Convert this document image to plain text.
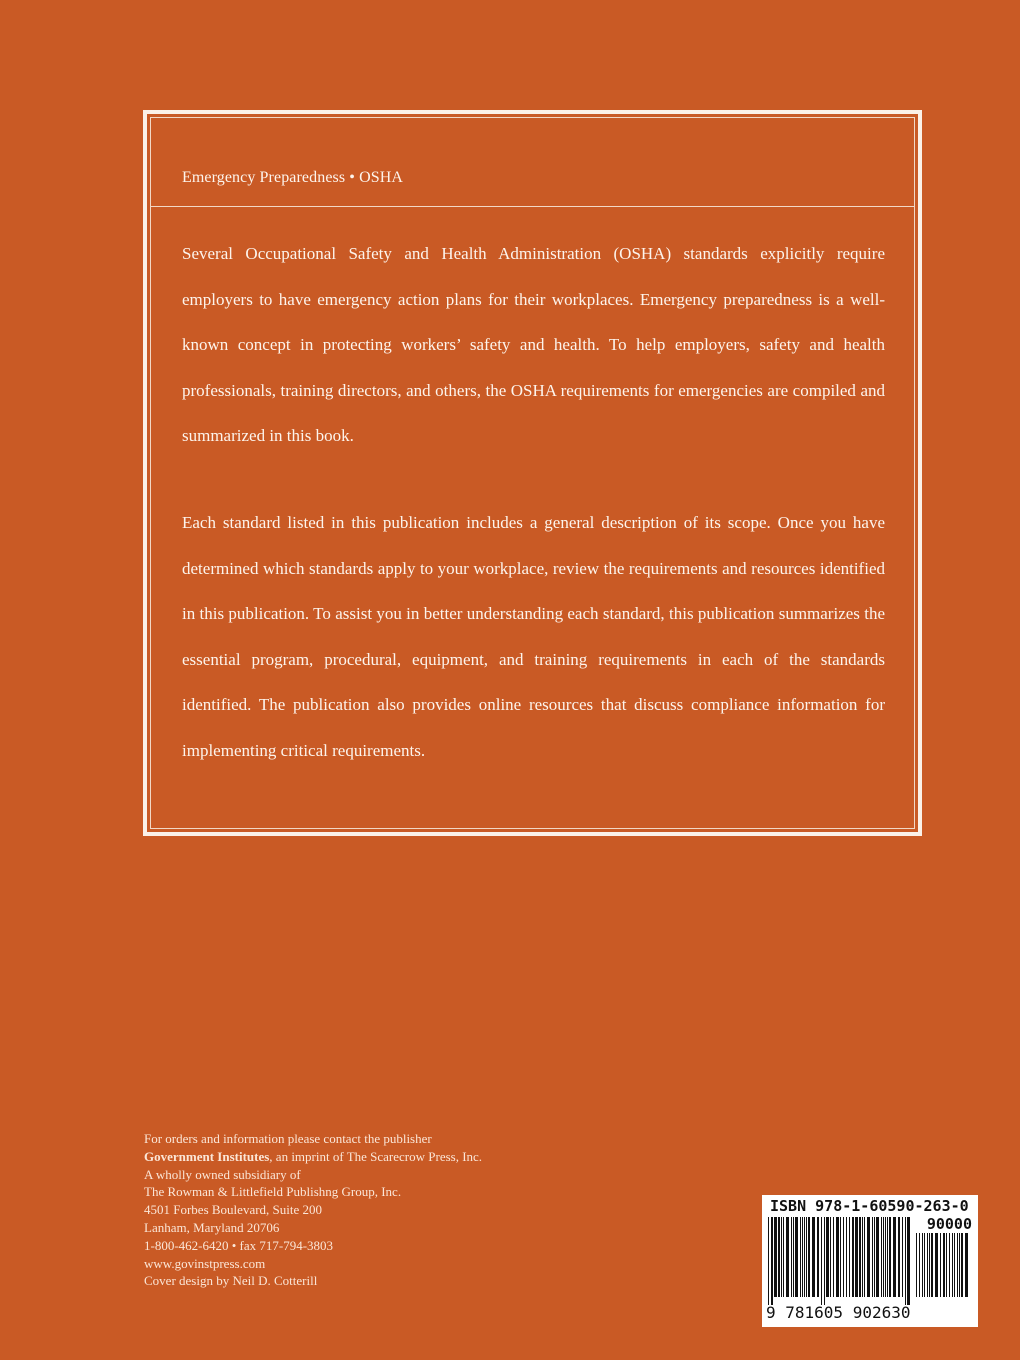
Emergency Preparedness • OSHA

Several Occupational Safety and Health Administration (OSHA) standards explicitly require employers to have emergency action plans for their workplaces. Emergency preparedness is a well-known concept in protecting workers’ safety and health. To help employers, safety and health professionals, training directors, and others, the OSHA requirements for emergencies are compiled and summarized in this book.

Each standard listed in this publication includes a general description of its scope. Once you have determined which standards apply to your workplace, review the requirements and resources identified in this publication. To assist you in better understanding each standard, this publication summarizes the essential program, procedural, equipment, and training requirements in each of the standards identified. The publication also provides online resources that discuss compliance information for implementing critical requirements.

For orders and information please contact the publisher
Government Institutes, an imprint of The Scarecrow Press, Inc.
A wholly owned subsidiary of
The Rowman & Littlefield Publishng Group, Inc.
4501 Forbes Boulevard, Suite 200
Lanham, Maryland 20706
1-800-462-6420 • fax 717-794-3803
www.govinstpress.com
Cover design by Neil D. Cotterill
ISBN 978-1-60590-263-0
90000
9 781605 902630
